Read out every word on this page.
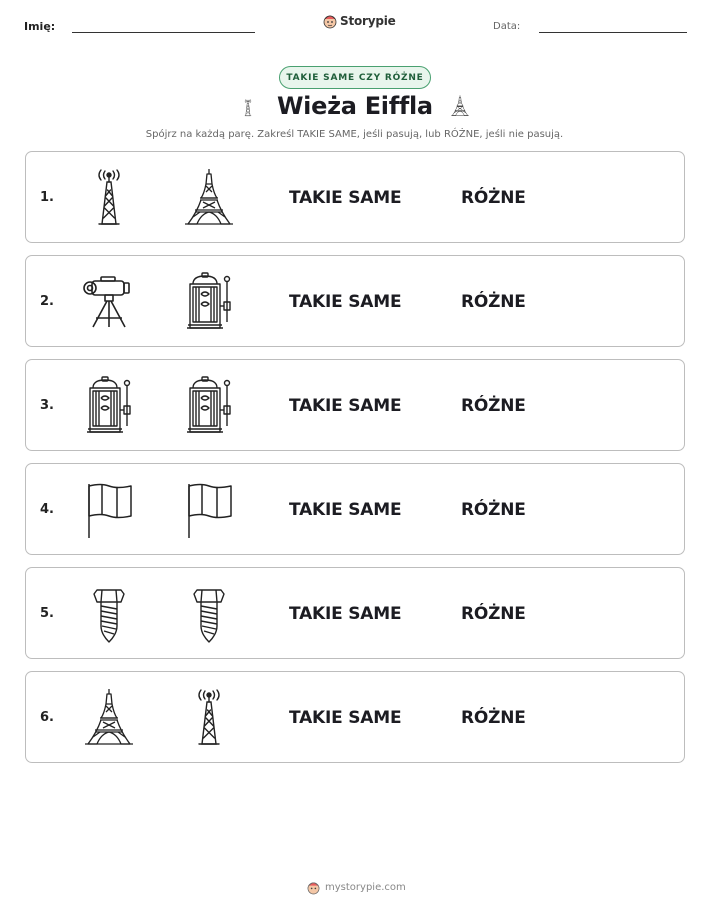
Imię:	Storypie	Data:
TAKIE SAME CZY RÓŻNE
Wieża Eiffla
Spójrz na każdą parę. Zakreśl TAKIE SAME, jeśli pasują, lub RÓŻNE, jeśli nie pasują.
1.	TAKIE SAME	RÓŻNE
2.	TAKIE SAME	RÓŻNE
3.	TAKIE SAME	RÓŻNE
4.	TAKIE SAME	RÓŻNE
5.	TAKIE SAME	RÓŻNE
6.	TAKIE SAME	RÓŻNE
mystorypie.com
